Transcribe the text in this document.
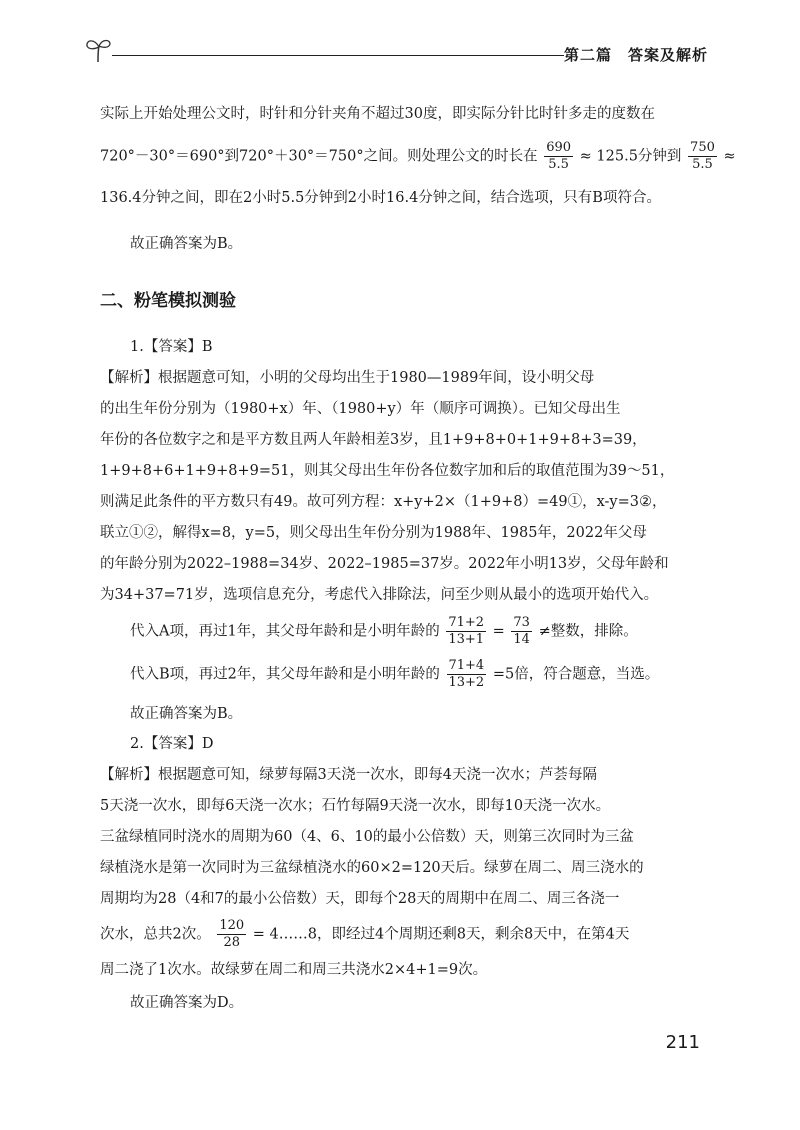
第二篇　答案及解析
实际上开始处理公文时，时针和分针夹角不超过30度，即实际分针比时针多走的度数在
720°－30°＝690°到720°＋30°＝750°之间。则处理公文的时长在 $\frac{690}{5.5} \approx 125.5$分钟到 $\frac{750}{5.5}$ ≈
136.4分钟之间，即在2小时5.5分钟到2小时16.4分钟之间，结合选项，只有B项符合。
故正确答案为B。
二、粉笔模拟测验
1.【答案】B
【解析】根据题意可知，小明的父母均出生于1980—1989年间，设小明父母
的出生年份分别为（1980+x）年、（1980+y）年（顺序可调换）。已知父母出生
年份的各位数字之和是平方数且两人年龄相差3岁，且1+9+8+0+1+9+8+3=39，
1+9+8+6+1+9+8+9=51，则其父母出生年份各位数字加和后的取值范围为39～51，
则满足此条件的平方数只有49。故可列方程：x+y+2×（1+9+8）=49①，x-y=3②，
联立①②，解得x=8，y=5，则父母出生年份分别为1988年、1985年，2022年父母
的年龄分别为2022–1988=34岁、2022–1985=37岁。2022年小明13岁，父母年龄和
为34+37=71岁，选项信息充分，考虑代入排除法，问至少则从最小的选项开始代入。
代入A项，再过1年，其父母年龄和是小明年龄的 $\frac{71+2}{13+1} = \frac{73}{14}$ ≠整数，排除。
代入B项，再过2年，其父母年龄和是小明年龄的 $\frac{71+4}{13+2} =5$倍，符合题意，当选。
故正确答案为B。
2.【答案】D
【解析】根据题意可知，绿萝每隔3天浇一次水，即每4天浇一次水；芦荟每隔
5天浇一次水，即每6天浇一次水；石竹每隔9天浇一次水，即每10天浇一次水。
三盆绿植同时浇水的周期为60（4、6、10的最小公倍数）天，则第三次同时为三盆
绿植浇水是第一次同时为三盆绿植浇水的60×2=120天后。绿萝在周二、周三浇水的
周期均为28（4和7的最小公倍数）天，即每个28天的周期中在周二、周三各浇一
次水，总共2次。 $\frac{120}{28}$ = 4……8，即经过4个周期还剩8天，剩余8天中，在第4天
周二浇了1次水。故绿萝在周二和周三共浇水2×4+1=9次。
故正确答案为D。
211
